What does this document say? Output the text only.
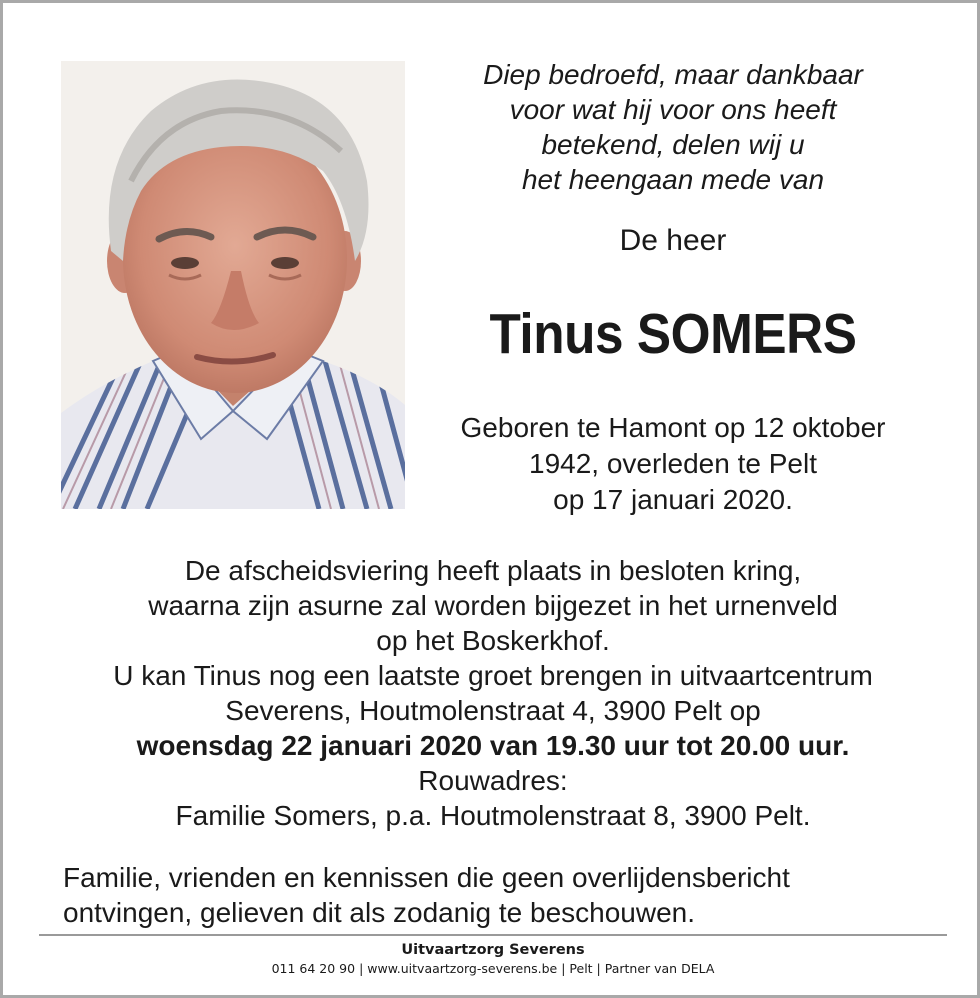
Diep bedroefd, maar dankbaar
voor wat hij voor ons heeft
betekend, delen wij u
het heengaan mede van
De heer
Tinus SOMERS
Geboren te Hamont op 12 oktober
1942, overleden te Pelt
op 17 januari 2020.
De afscheidsviering heeft plaats in besloten kring,
waarna zijn asurne zal worden bijgezet in het urnenveld
op het Boskerkhof.
U kan Tinus nog een laatste groet brengen in uitvaartcentrum
Severens, Houtmolenstraat 4, 3900 Pelt op
woensdag 22 januari 2020 van 19.30 uur tot 20.00 uur.
Rouwadres:
Familie Somers, p.a. Houtmolenstraat 8, 3900 Pelt.
Familie, vrienden en kennissen die geen overlijdensbericht
ontvingen, gelieven dit als zodanig te beschouwen.
Uitvaartzorg Severens
011 64 20 90 | www.uitvaartzorg-severens.be | Pelt | Partner van DELA
